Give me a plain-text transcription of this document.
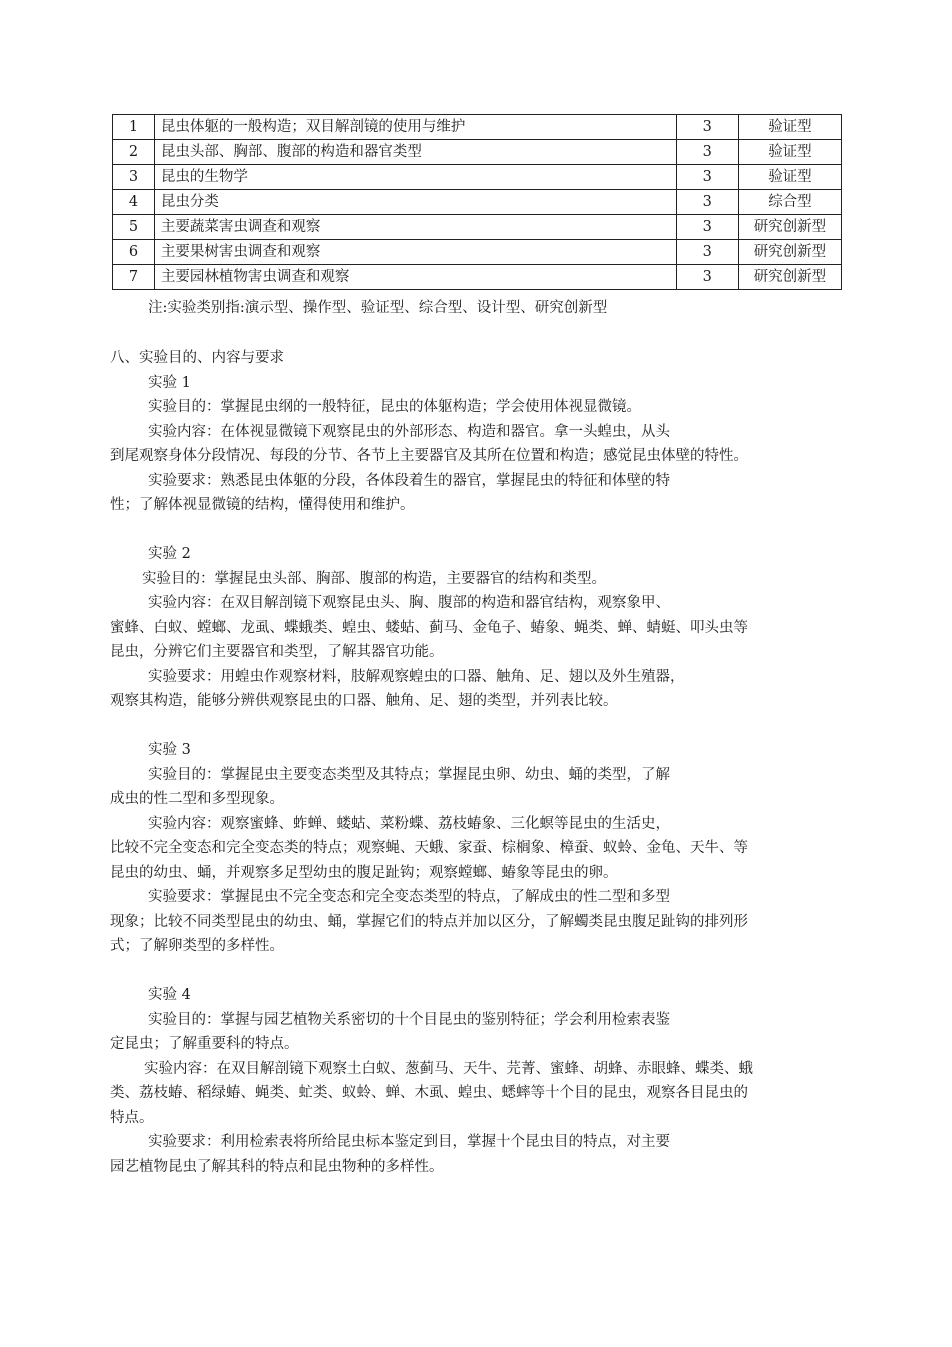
1	昆虫体躯的一般构造；双目解剖镜的使用与维护	3	验证型
2	昆虫头部、胸部、腹部的构造和器官类型	3	验证型
3	昆虫的生物学	3	验证型
4	昆虫分类	3	综合型
5	主要蔬菜害虫调查和观察	3	研究创新型
6	主要果树害虫调查和观察	3	研究创新型
7	主要园林植物害虫调查和观察	3	研究创新型
注:实验类别指:演示型、操作型、验证型、综合型、设计型、研究创新型

八、实验目的、内容与要求

实验 1

实验目的：掌握昆虫纲的一般特征，昆虫的体躯构造；学会使用体视显微镜。

实验内容：在体视显微镜下观察昆虫的外部形态、构造和器官。拿一头蝗虫，从头

到尾观察身体分段情况、每段的分节、各节上主要器官及其所在位置和构造；感觉昆虫体壁的特性。

实验要求：熟悉昆虫体躯的分段，各体段着生的器官，掌握昆虫的特征和体壁的特

性；了解体视显微镜的结构，懂得使用和维护。

实验 2

实验目的：掌握昆虫头部、胸部、腹部的构造，主要器官的结构和类型。

实验内容：在双目解剖镜下观察昆虫头、胸、腹部的构造和器官结构，观察象甲、

蜜蜂、白蚁、螳螂、龙虱、蝶蛾类、蝗虫、蝼蛄、蓟马、金龟子、蝽象、蝇类、蝉、蜻蜓、叩头虫等

昆虫，分辨它们主要器官和类型，了解其器官功能。

实验要求：用蝗虫作观察材料，肢解观察蝗虫的口器、触角、足、翅以及外生殖器，

观察其构造，能够分辨供观察昆虫的口器、触角、足、翅的类型，并列表比较。

实验 3

实验目的：掌握昆虫主要变态类型及其特点；掌握昆虫卵、幼虫、蛹的类型，了解

成虫的性二型和多型现象。

实验内容：观察蜜蜂、蚱蝉、蝼蛄、菜粉蝶、荔枝蝽象、三化螟等昆虫的生活史，

比较不完全变态和完全变态类的特点；观察蝇、天蛾、家蚕、棕榈象、樟蚕、蚁蛉、金龟、天牛、等

昆虫的幼虫、蛹，并观察多足型幼虫的腹足趾钩；观察螳螂、蝽象等昆虫的卵。

实验要求：掌握昆虫不完全变态和完全变态类型的特点，了解成虫的性二型和多型

现象；比较不同类型昆虫的幼虫、蛹，掌握它们的特点并加以区分，了解蠋类昆虫腹足趾钩的排列形

式；了解卵类型的多样性。

实验 4

实验目的：掌握与园艺植物关系密切的十个目昆虫的鉴别特征；学会利用检索表鉴

定昆虫；了解重要科的特点。

实验内容：在双目解剖镜下观察土白蚁、葱蓟马、天牛、芫菁、蜜蜂、胡蜂、赤眼蜂、蝶类、蛾

类、荔枝蝽、稻绿蝽、蝇类、虻类、蚁蛉、蝉、木虱、蝗虫、蟋蟀等十个目的昆虫，观察各目昆虫的

特点。

实验要求：利用检索表将所给昆虫标本鉴定到目，掌握十个昆虫目的特点，对主要

园艺植物昆虫了解其科的特点和昆虫物种的多样性。
